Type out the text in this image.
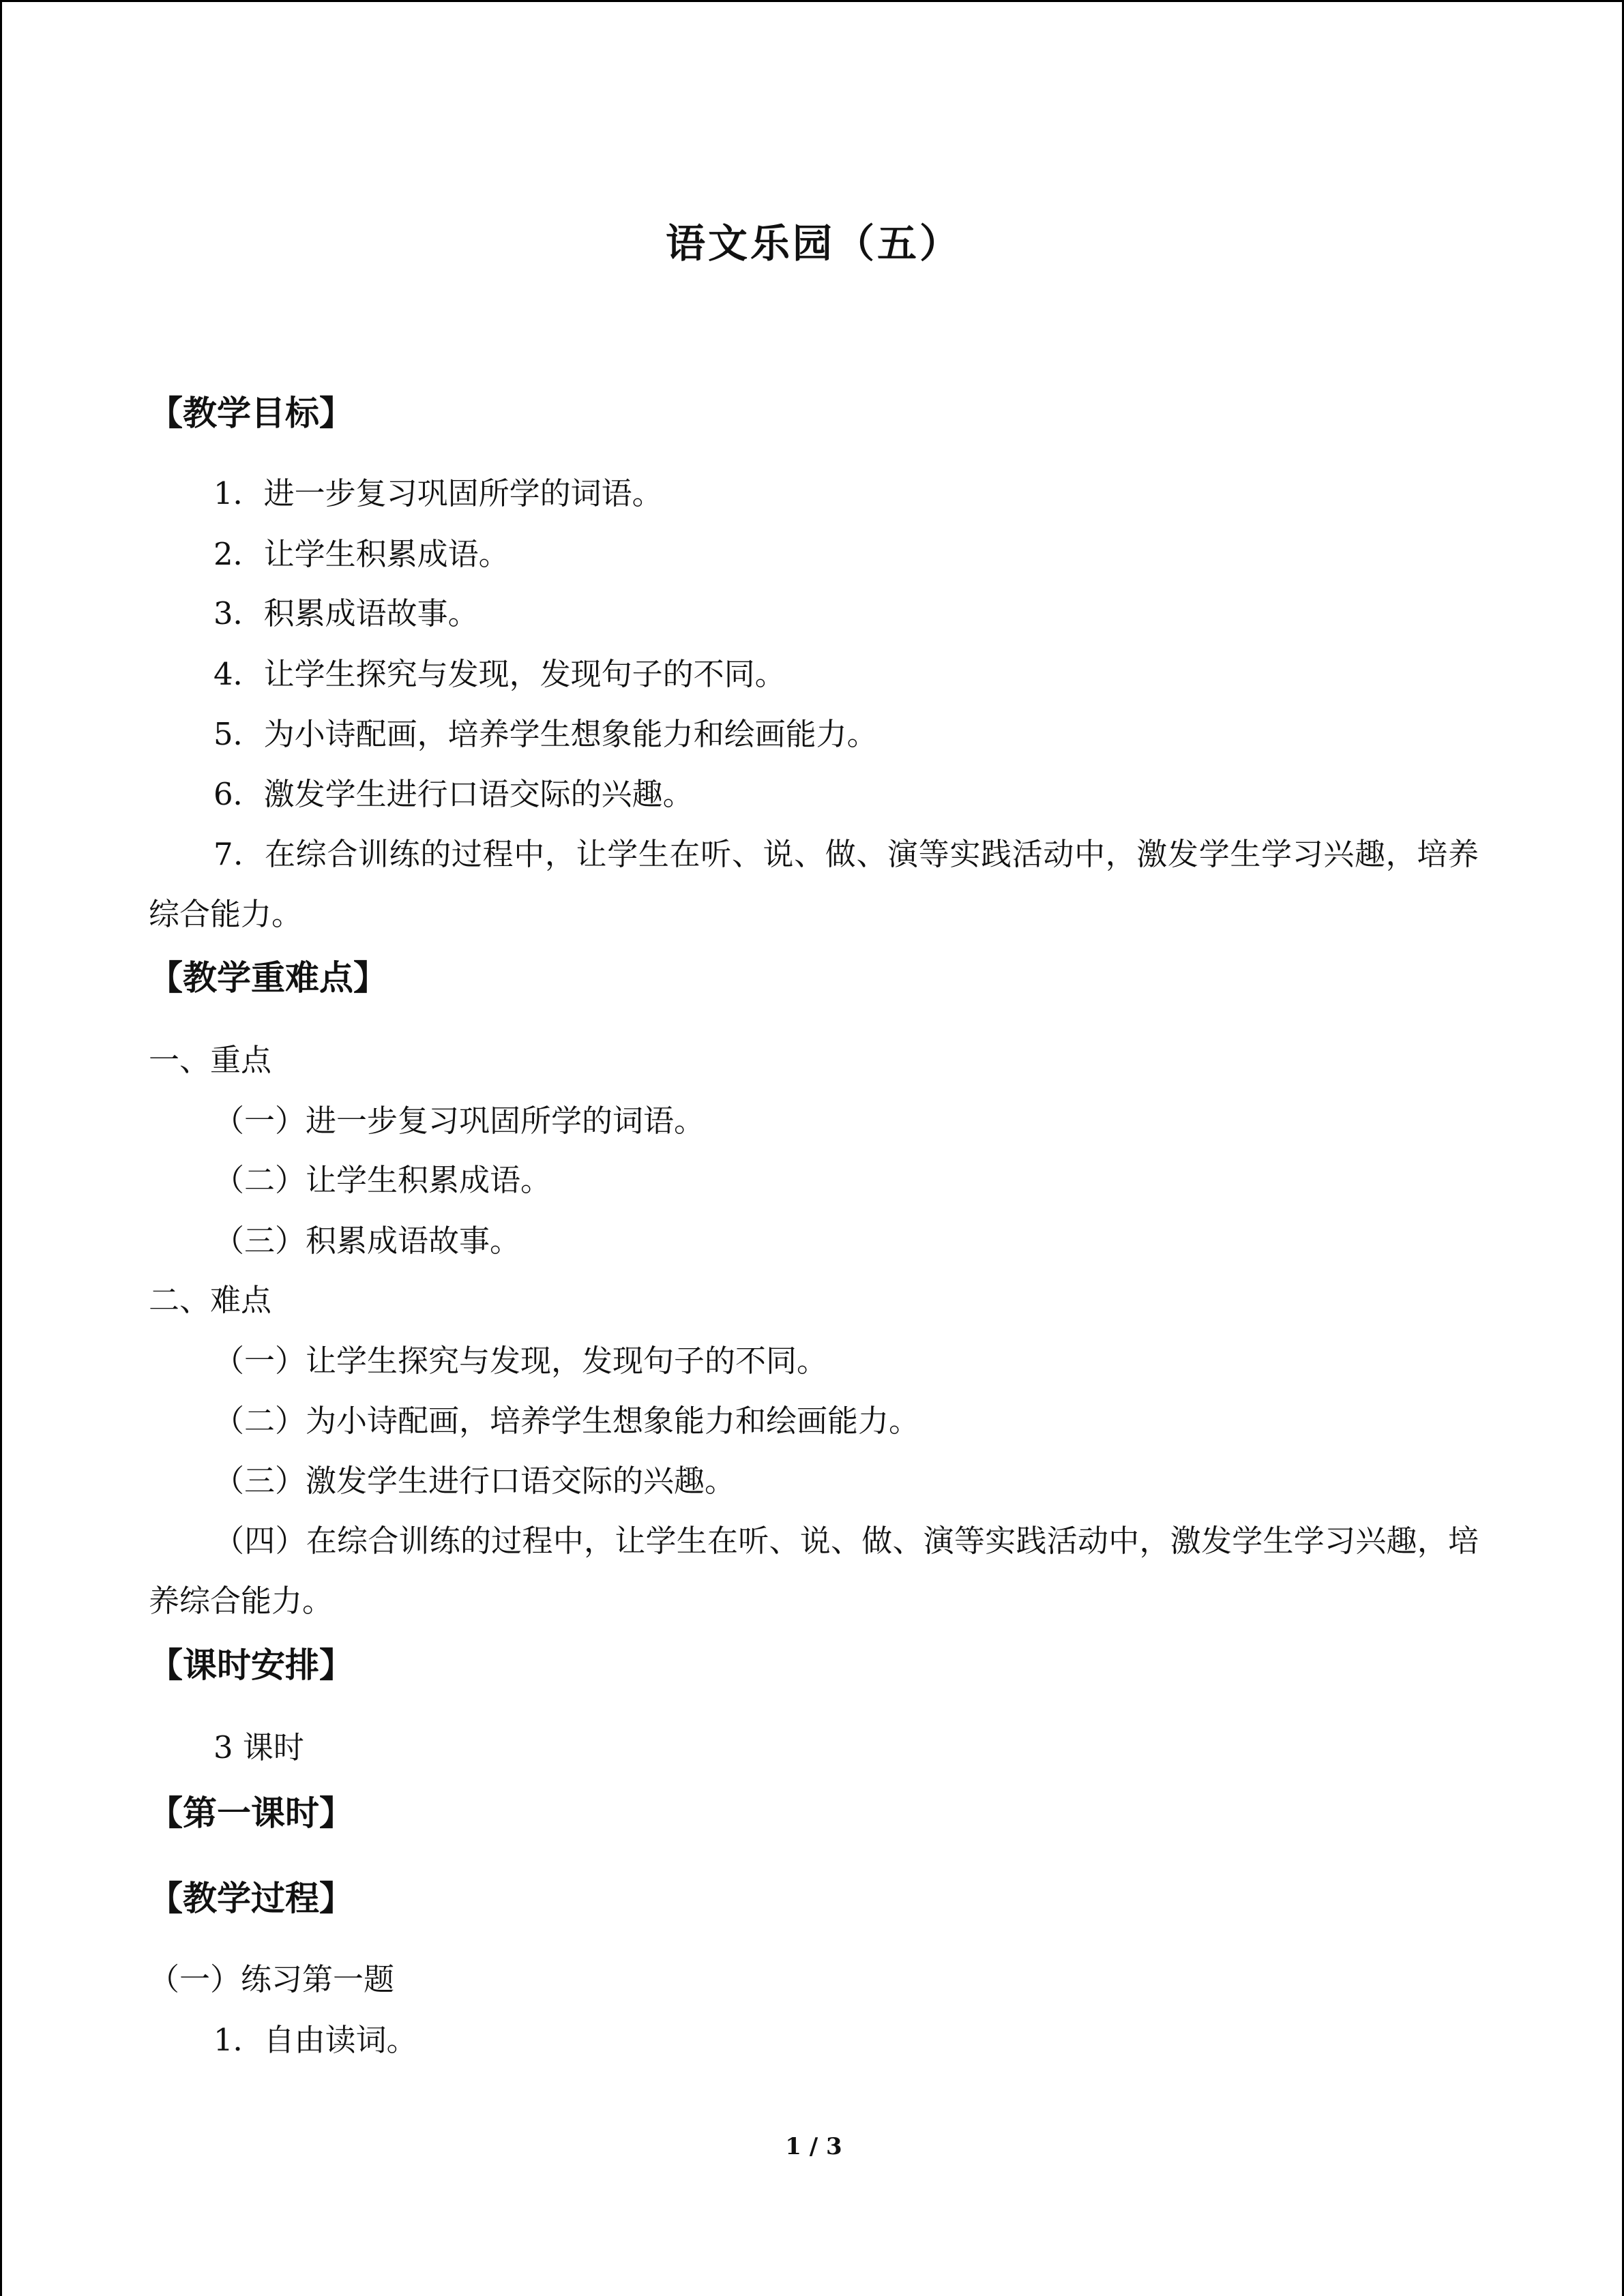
语文乐园（五）
【教学目标】
1．进一步复习巩固所学的词语。
2．让学生积累成语。
3．积累成语故事。
4．让学生探究与发现，发现句子的不同。
5．为小诗配画，培养学生想象能力和绘画能力。
6．激发学生进行口语交际的兴趣。
7．在综合训练的过程中，让学生在听、说、做、演等实践活动中，激发学生学习兴趣，培养综合能力。
【教学重难点】
一、重点
（一）进一步复习巩固所学的词语。
（二）让学生积累成语。
（三）积累成语故事。
二、难点
（一）让学生探究与发现，发现句子的不同。
（二）为小诗配画，培养学生想象能力和绘画能力。
（三）激发学生进行口语交际的兴趣。
（四）在综合训练的过程中，让学生在听、说、做、演等实践活动中，激发学生学习兴趣，培养综合能力。
【课时安排】
3 课时
【第一课时】
【教学过程】
（一）练习第一题
1．自由读词。
1 / 3
